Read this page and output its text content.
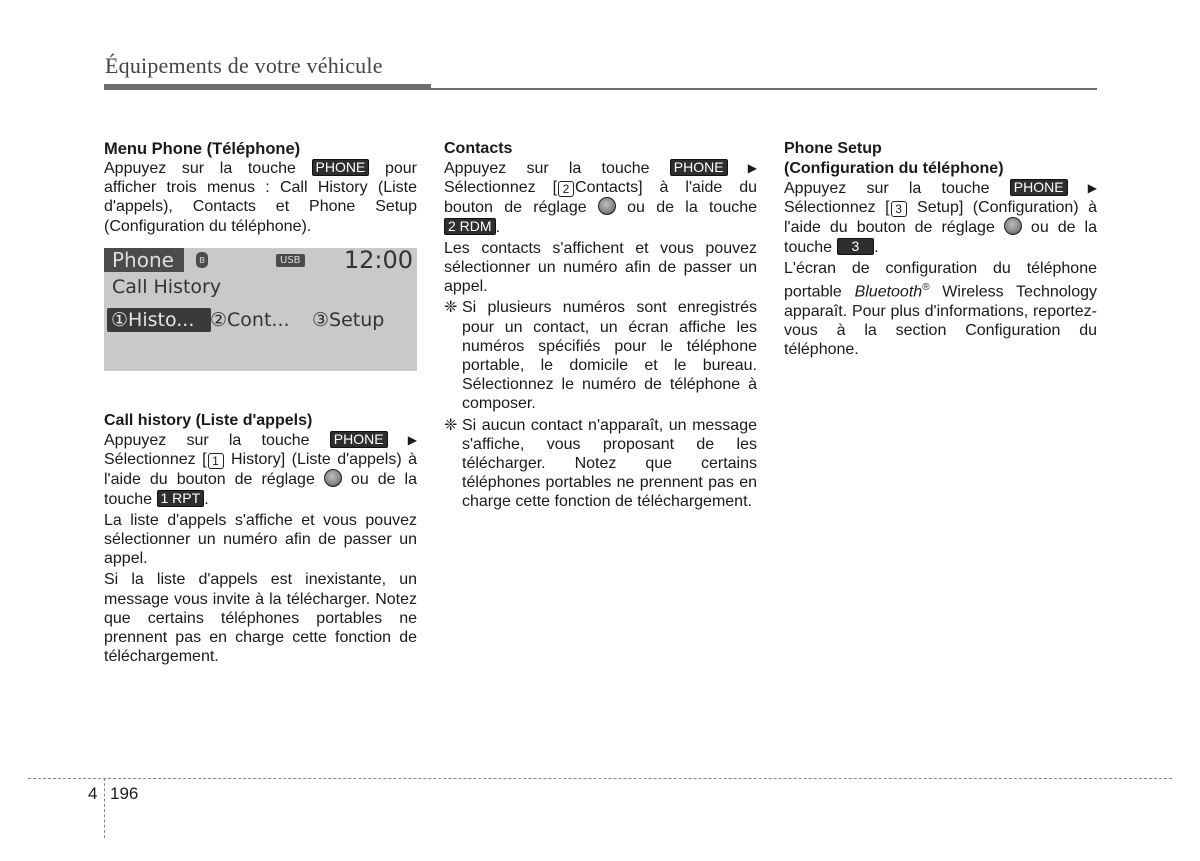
Équipements de votre véhicule
Menu Phone (Téléphone)

Appuyez sur la touche PHONE pour afficher trois menus : Call History (Liste d'appels), Contacts et Phone Setup (Configuration du téléphone).

Phone	ʙ	USB 12:00
Call History
①Histo... ②Cont... ③Setup
Call history (Liste d'appels)

Appuyez sur la touche PHONE ▶ Sélectionnez [ 1 History] (Liste d'appels) à l'aide du bouton de réglage ou de la touche 1 RPT .

La liste d'appels s'affiche et vous pouvez sélectionner un numéro afin de passer un appel.

Si la liste d'appels est inexistante, un message vous invite à la télécharger. Notez que certains téléphones portables ne prennent pas en charge cette fonction de téléchargement.

Contacts

Appuyez sur la touche PHONE ▶ Sélectionnez [ 2 Contacts] à l'aide du bouton de réglage	ou de la touche 2 RDM .

Les contacts s'affichent et vous pouvez sélectionner un numéro afin de passer un appel.

❈ Si plusieurs numéros sont enregistrés pour un contact, un écran affiche les numéros spécifiés pour le téléphone portable, le domicile et le bureau. Sélectionnez le numéro de téléphone à composer.
❈ Si aucun contact n'apparaît, un message s'affiche, vous proposant de les télécharger. Notez que certains téléphones portables ne prennent pas en charge cette fonction de téléchargement.
Phone Setup
(Configuration du téléphone)

Appuyez sur la touche PHONE ▶ Sélectionnez [ 3 Setup] (Configuration) à l'aide du bouton de réglage ou de la touche 3 .

L'écran de configuration du téléphone portable Bluetooth® Wireless Technology apparaît. Pour plus d'informations, reportez-vous à la section Configuration du téléphone.

4 196
